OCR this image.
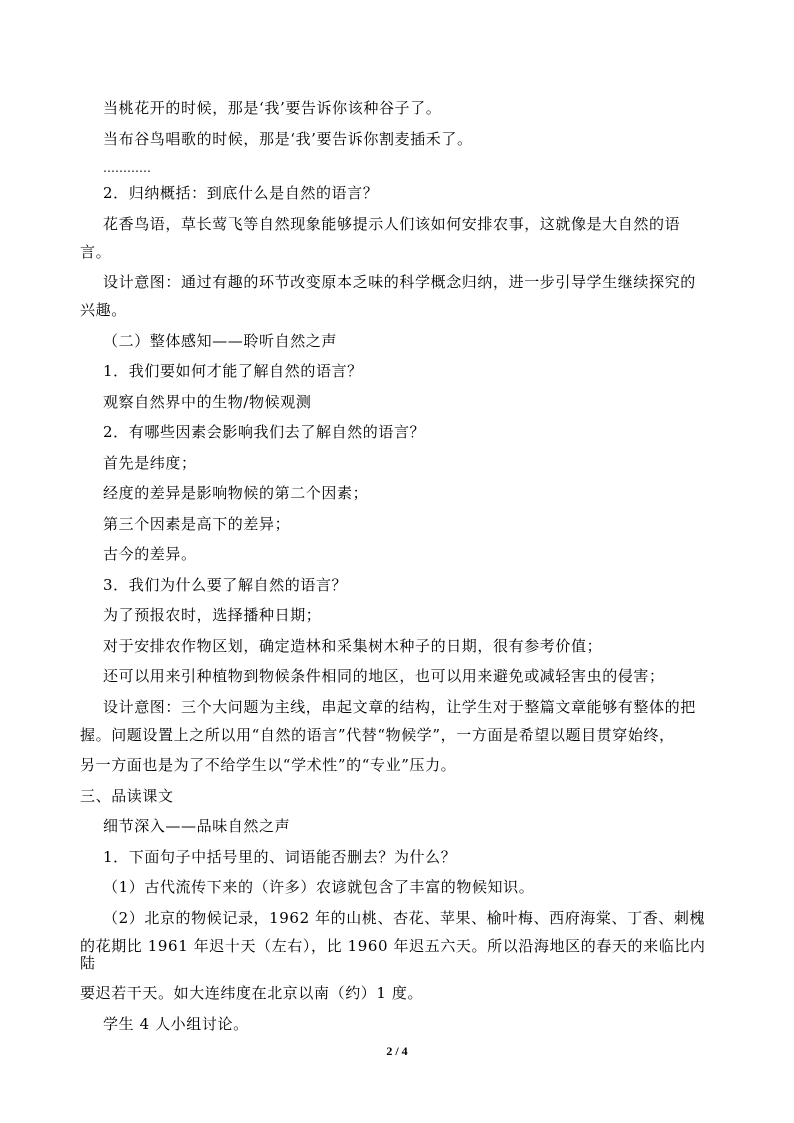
当桃花开的时候，那是‘我’要告诉你该种谷子了。
当布谷鸟唱歌的时候，那是‘我’要告诉你割麦插禾了。
…………
2．归纳概括：到底什么是自然的语言？
花香鸟语，草长莺飞等自然现象能够提示人们该如何安排农事，这就像是大自然的语
言。
设计意图：通过有趣的环节改变原本乏味的科学概念归纳，进一步引导学生继续探究的
兴趣。
（二）整体感知——聆听自然之声
1．我们要如何才能了解自然的语言？
观察自然界中的生物/物候观测
2．有哪些因素会影响我们去了解自然的语言？
首先是纬度；
经度的差异是影响物候的第二个因素；
第三个因素是高下的差异；
古今的差异。
3．我们为什么要了解自然的语言？
为了预报农时，选择播种日期；
对于安排农作物区划，确定造林和采集树木种子的日期，很有参考价值；
还可以用来引种植物到物候条件相同的地区，也可以用来避免或减轻害虫的侵害；
设计意图：三个大问题为主线，串起文章的结构，让学生对于整篇文章能够有整体的把
握。问题设置上之所以用“自然的语言”代替“物候学”，一方面是希望以题目贯穿始终，
另一方面也是为了不给学生以“学术性”的“专业”压力。
三、品读课文
细节深入——品味自然之声
1．下面句子中括号里的、词语能否删去？为什么？
（1）古代流传下来的（许多）农谚就包含了丰富的物候知识。
（2）北京的物候记录，1962 年的山桃、杏花、苹果、榆叶梅、西府海棠、丁香、刺槐
的花期比 1961 年迟十天（左右），比 1960 年迟五六天。所以沿海地区的春天的来临比内陆
要迟若干天。如大连纬度在北京以南（约）1 度。
学生 4 人小组讨论。
2 / 4
